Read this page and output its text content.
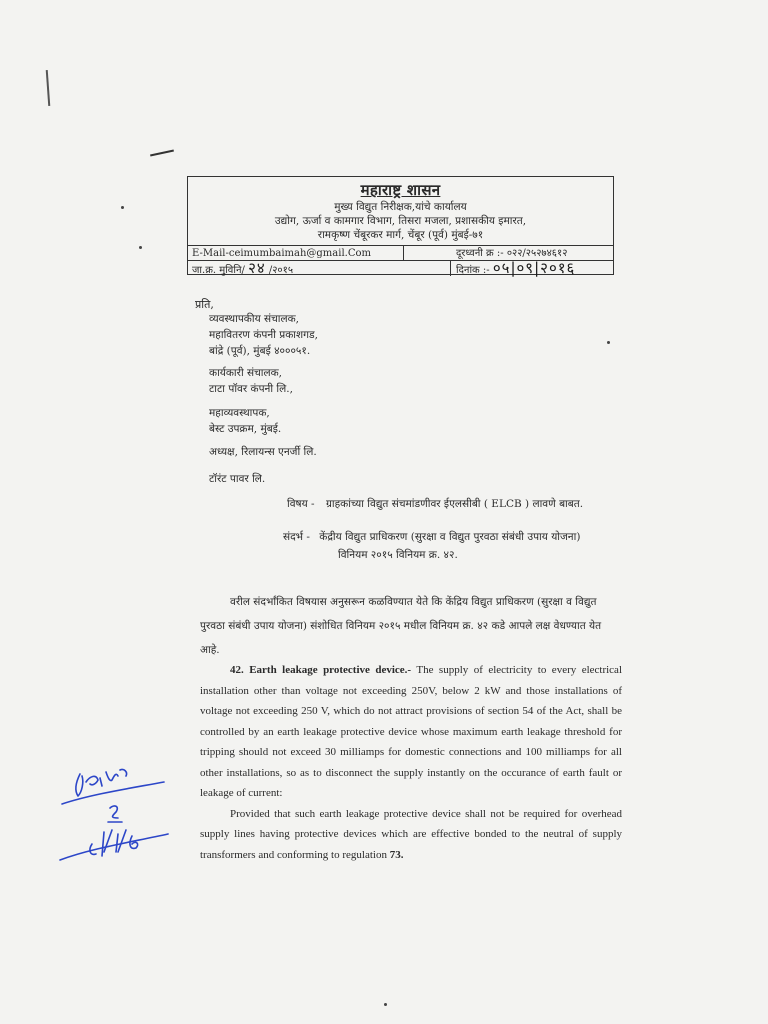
महाराष्ट्र शासन
मुख्य विद्युत निरीक्षक,यांचे कार्यालय
उद्योग, ऊर्जा व कामगार विभाग, तिसरा मजला, प्रशासकीय इमारत,
रामकृष्ण चेंबूरकर मार्ग, चेंबूर (पूर्व) मुंबई-७१
E-Mail-ceimumbaimah@gmail.Com	दूरध्वनी क्र :- ०२२/२५२७४६१२
जा.क्र. मुविनि/ २४ /२०१५	दिनांक :- ०५|०९|२०१६
प्रति,
व्यवस्थापकीय संचालक,
महावितरण कंपनी प्रकाशगड,
बांद्रे (पूर्व), मुंबई ४०००५१.
कार्यकारी संचालक,
टाटा पॉवर कंपनी लि.,
महाव्यवस्थापक,
बेस्ट उपक्रम, मुंबई.
अध्यक्ष, रिलायन्स एनर्जी लि.
टॉरंट पावर लि.
विषय - ग्राहकांच्या विद्युत संचमांडणीवर ईएलसीबी ( ELCB ) लावणे बाबत.
संदर्भ - केंद्रीय विद्युत प्राधिकरण (सुरक्षा व विद्युत पुरवठा संबंधी उपाय योजना)
विनियम २०१५ विनियम क्र. ४२.
वरील संदर्भांकित विषयास अनुसरून कळविण्यात येते कि केंद्रिय विद्युत प्राधिकरण (सुरक्षा व विद्युत पुरवठा संबंधी उपाय योजना) संशोधित विनियम २०१५ मधील विनियम क्र. ४२ कडे आपले लक्ष वेधण्यात येत आहे.

42. Earth leakage protective device.- The supply of electricity to every electrical installation other than voltage not exceeding 250V, below 2 kW and those installations of voltage not exceeding 250 V, which do not attract provisions of section 54 of the Act, shall be controlled by an earth leakage protective device whose maximum earth leakage threshold for tripping should not exceed 30 milliamps for domestic connections and 100 milliamps for all other installations, so as to disconnect the supply instantly on the occurance of earth fault or leakage of current:

Provided that such earth leakage protective device shall not be required for overhead supply lines having protective devices which are effective bonded to the neutral of supply transformers and conforming to regulation 73.
